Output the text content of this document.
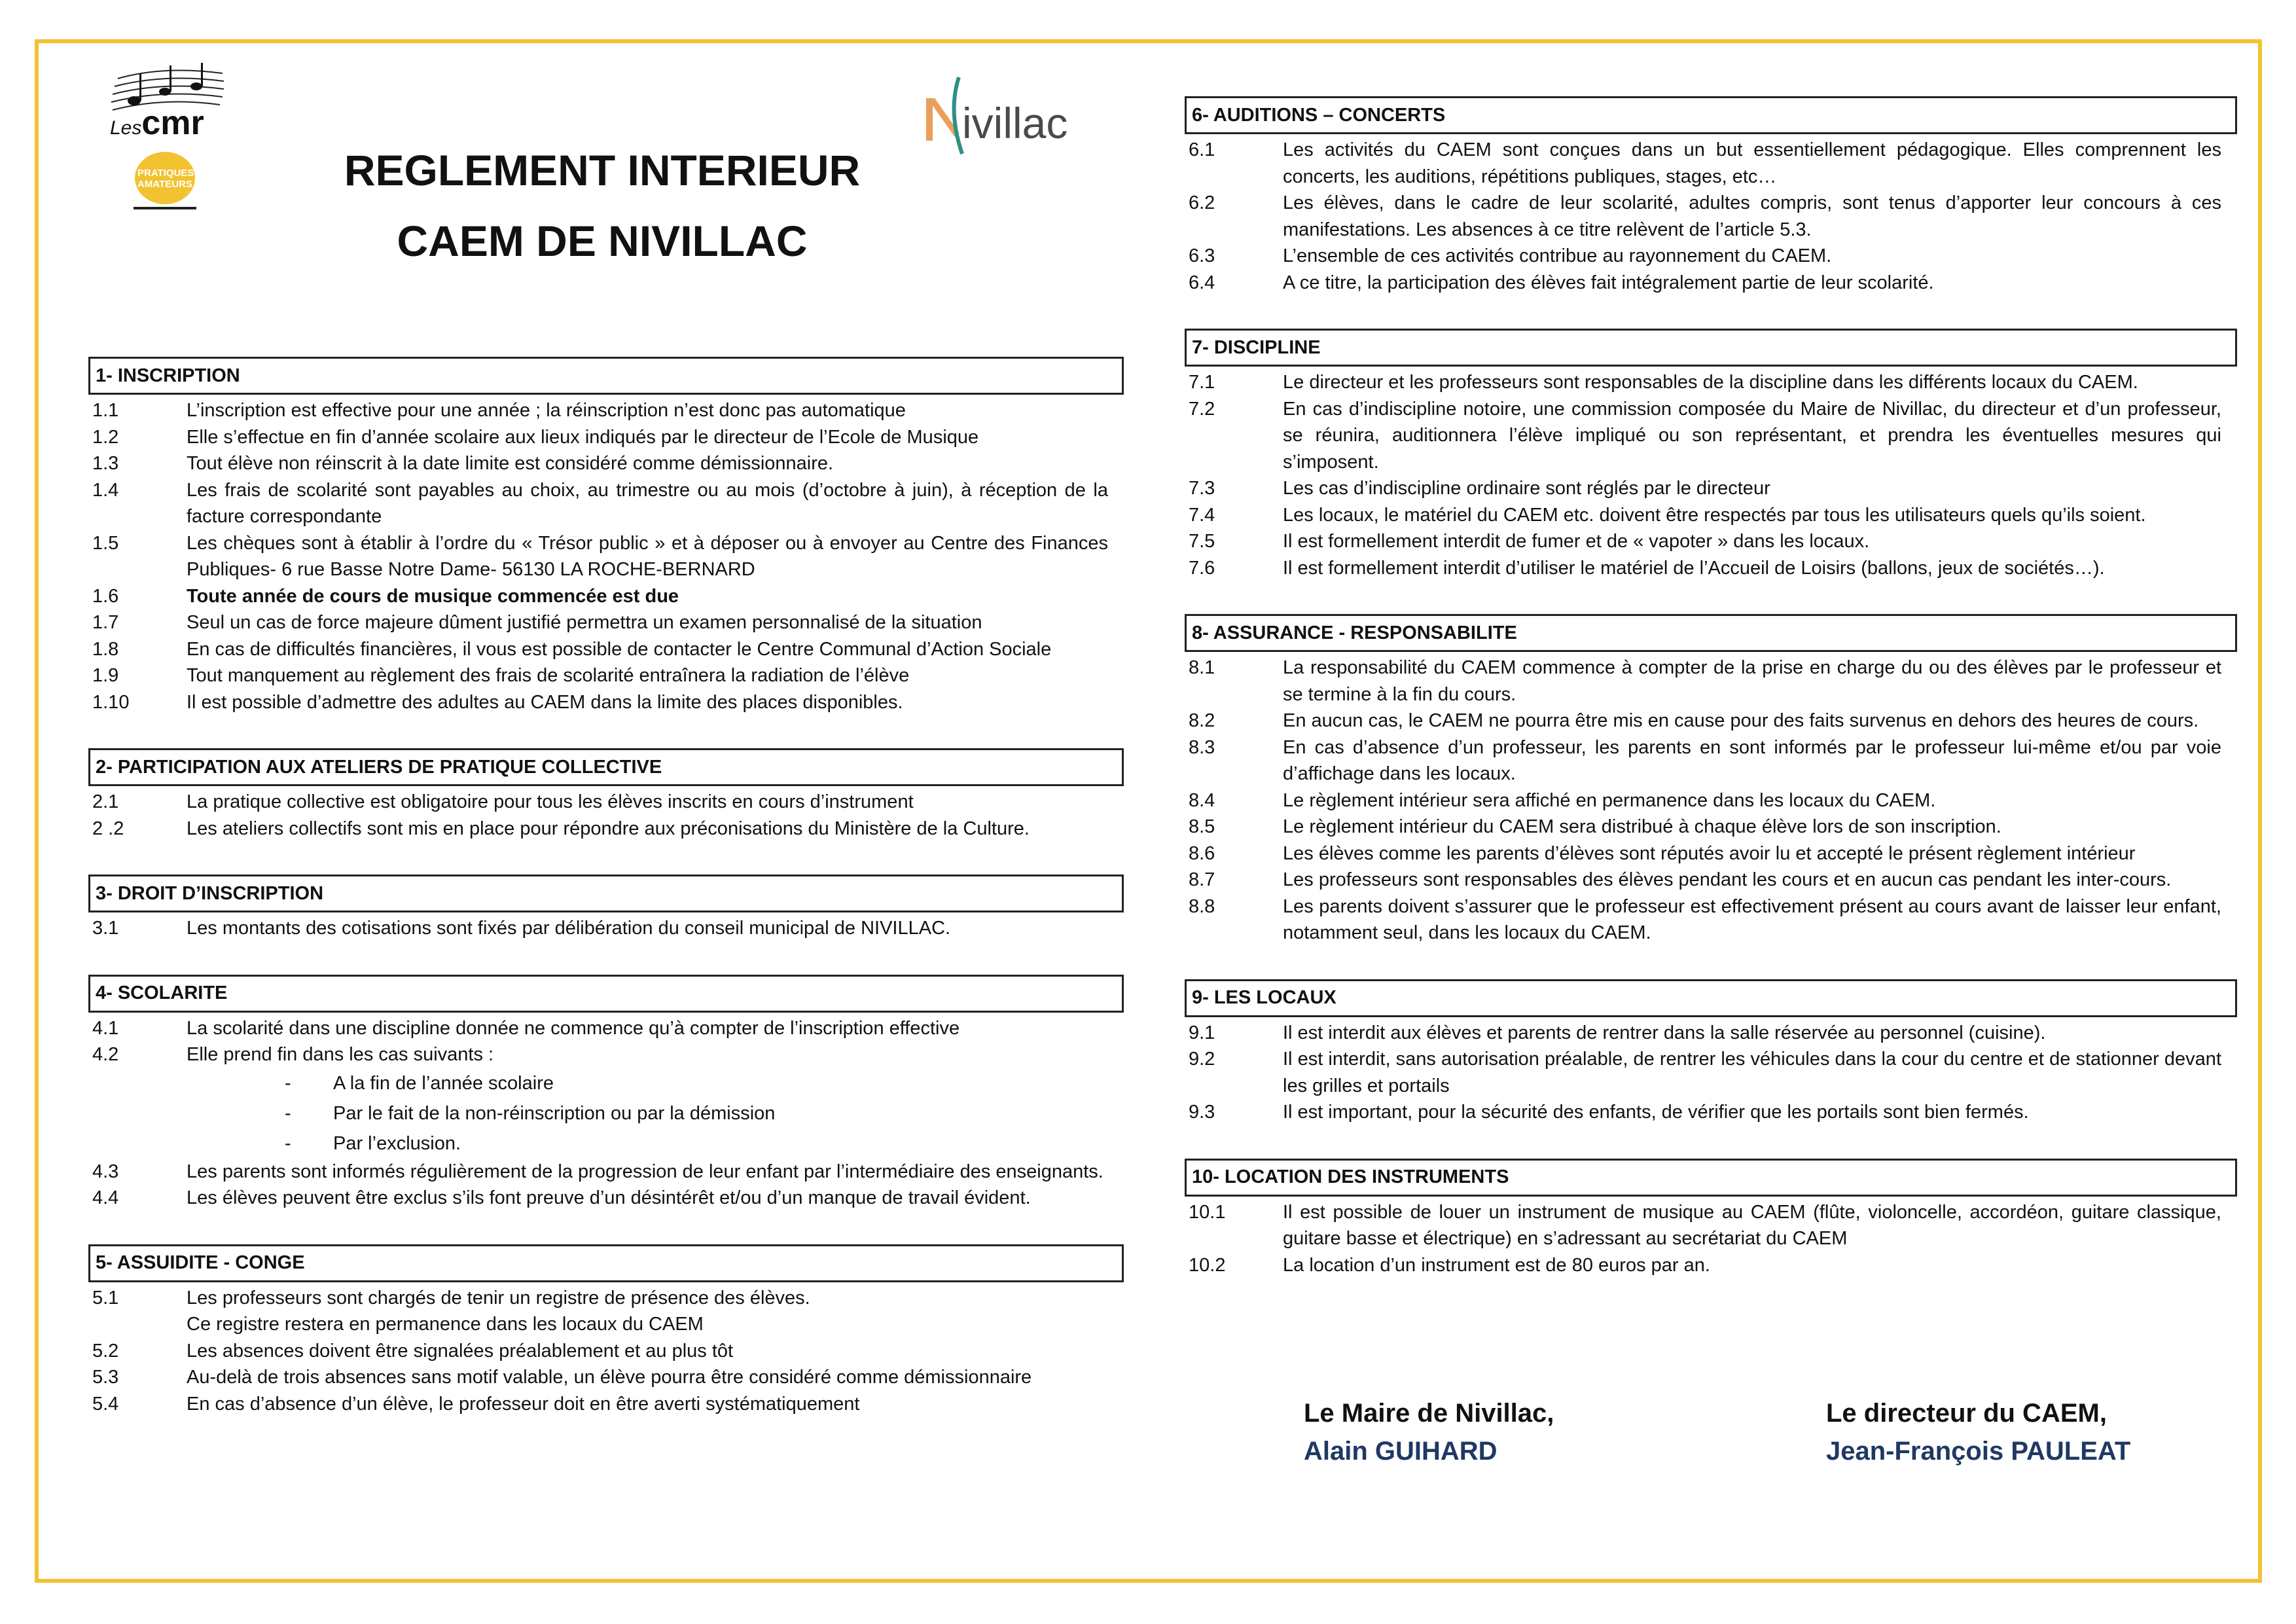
Lescmr
PRATIQUES AMATEURS
ivillac
REGLEMENT INTERIEUR
CAEM DE NIVILLAC
1- INSCRIPTION
1.1	L’inscription est effective pour une année ; la réinscription n’est donc pas automatique
1.2	Elle s’effectue en fin d’année scolaire aux lieux indiqués par le directeur de l’Ecole de Musique
1.3	Tout élève non réinscrit à la date limite est considéré comme démissionnaire.
1.4	Les frais de scolarité sont payables au choix, au trimestre ou au mois (d’octobre à juin), à réception de la facture correspondante
1.5	Les chèques sont à établir à l’ordre du « Trésor public » et à déposer ou à envoyer au Centre des Finances Publiques- 6 rue Basse Notre Dame- 56130 LA ROCHE-BERNARD
1.6	Toute année de cours de musique commencée est due
1.7	Seul un cas de force majeure dûment justifié permettra un examen personnalisé de la situation
1.8	En cas de difficultés financières, il vous est possible de contacter le Centre Communal d’Action Sociale
1.9	Tout manquement au règlement des frais de scolarité entraînera la radiation de l’élève
1.10	Il est possible d’admettre des adultes au CAEM dans la limite des places disponibles.
2- PARTICIPATION AUX ATELIERS DE PRATIQUE COLLECTIVE
2.1	La pratique collective est obligatoire pour tous les élèves inscrits en cours d’instrument
2 .2	Les ateliers collectifs sont mis en place pour répondre aux préconisations du Ministère de la Culture.
3- DROIT D’INSCRIPTION
3.1	Les montants des cotisations sont fixés par délibération du conseil municipal de NIVILLAC.
4- SCOLARITE
4.1	La scolarité dans une discipline donnée ne commence qu’à compter de l’inscription effective
4.2	Elle prend fin dans les cas suivants :
-	A la fin de l’année scolaire
-	Par le fait de la non-réinscription ou par la démission
-	Par l’exclusion.
4.3	Les parents sont informés régulièrement de la progression de leur enfant par l’intermédiaire des enseignants.
4.4	Les élèves peuvent être exclus s’ils font preuve d’un désintérêt et/ou d’un manque de travail évident.
5- ASSUIDITE - CONGE
5.1	Les professeurs sont chargés de tenir un registre de présence des élèves.
Ce registre restera en permanence dans les locaux du CAEM
5.2	Les absences doivent être signalées préalablement et au plus tôt
5.3	Au-delà de trois absences sans motif valable, un élève pourra être considéré comme démissionnaire
5.4	En cas d’absence d’un élève, le professeur doit en être averti systématiquement
6- AUDITIONS – CONCERTS
6.1	Les activités du CAEM sont conçues dans un but essentiellement pédagogique. Elles comprennent les concerts, les auditions, répétitions publiques, stages, etc…
6.2	Les élèves, dans le cadre de leur scolarité, adultes compris, sont tenus d’apporter leur concours à ces manifestations. Les absences à ce titre relèvent de l’article 5.3.
6.3	L’ensemble de ces activités contribue au rayonnement du CAEM.
6.4	A ce titre, la participation des élèves fait intégralement partie de leur scolarité.
7- DISCIPLINE
7.1	Le directeur et les professeurs sont responsables de la discipline dans les différents locaux du CAEM.
7.2	En cas d’indiscipline notoire, une commission composée du Maire de Nivillac, du directeur et d’un professeur, se réunira, auditionnera l’élève impliqué ou son représentant, et prendra les éventuelles mesures qui s’imposent.
7.3	Les cas d’indiscipline ordinaire sont réglés par le directeur
7.4	Les locaux, le matériel du CAEM etc. doivent être respectés par tous les utilisateurs quels qu’ils soient.
7.5	Il est formellement interdit de fumer et de « vapoter » dans les locaux.
7.6	Il est formellement interdit d’utiliser le matériel de l’Accueil de Loisirs (ballons, jeux de sociétés…).
8- ASSURANCE - RESPONSABILITE
8.1	La responsabilité du CAEM commence à compter de la prise en charge du ou des élèves par le professeur et se termine à la fin du cours.
8.2	En aucun cas, le CAEM ne pourra être mis en cause pour des faits survenus en dehors des heures de cours.
8.3	En cas d’absence d’un professeur, les parents en sont informés par le professeur lui-même et/ou par voie d’affichage dans les locaux.
8.4	Le règlement intérieur sera affiché en permanence dans les locaux du CAEM.
8.5	Le règlement intérieur du CAEM sera distribué à chaque élève lors de son inscription.
8.6	Les élèves comme les parents d’élèves sont réputés avoir lu et accepté le présent règlement intérieur
8.7	Les professeurs sont responsables des élèves pendant les cours et en aucun cas pendant les inter-cours.
8.8	Les parents doivent s’assurer que le professeur est effectivement présent au cours avant de laisser leur enfant, notamment seul, dans les locaux du CAEM.
9- LES LOCAUX
9.1	Il est interdit aux élèves et parents de rentrer dans la salle réservée au personnel (cuisine).
9.2	Il est interdit, sans autorisation préalable, de rentrer les véhicules dans la cour du centre et de stationner devant les grilles et portails
9.3	Il est important, pour la sécurité des enfants, de vérifier que les portails sont bien fermés.
10- LOCATION DES INSTRUMENTS
10.1	Il est possible de louer un instrument de musique au CAEM (flûte, violoncelle, accordéon, guitare classique, guitare basse et électrique) en s’adressant au secrétariat du CAEM
10.2	La location d’un instrument est de 80 euros par an.
Le Maire de Nivillac,
Alain GUIHARD
Le directeur du CAEM,
Jean-François PAULEAT
